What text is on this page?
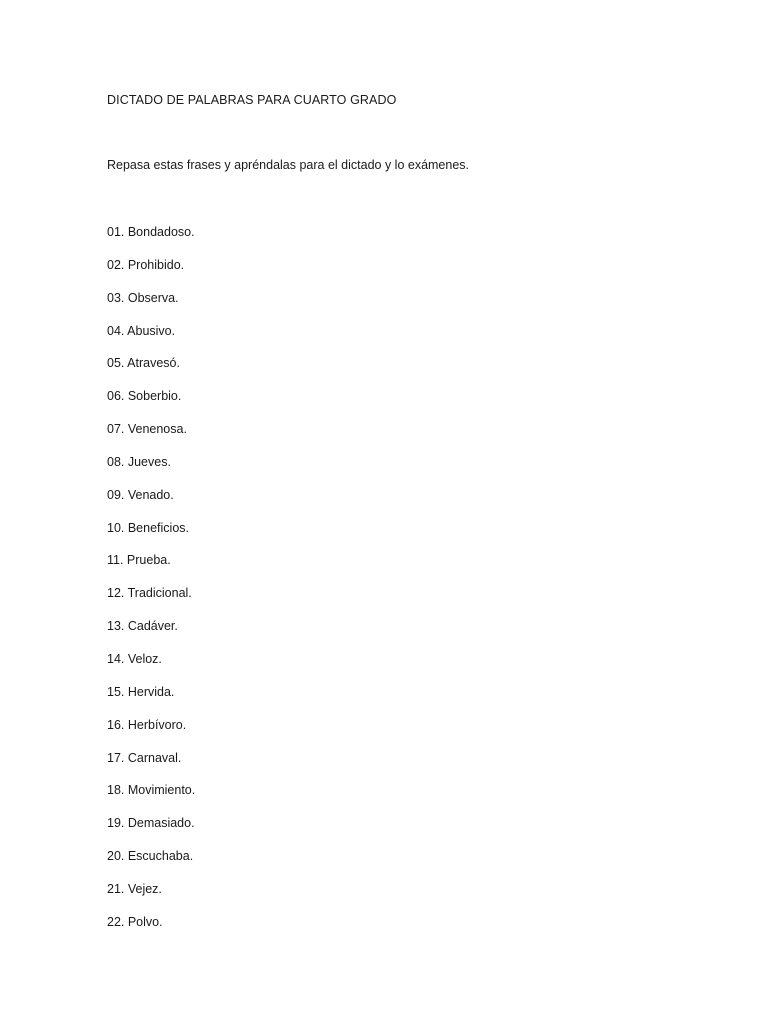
DICTADO DE PALABRAS PARA CUARTO GRADO
Repasa estas frases y apréndalas para el dictado y lo exámenes.
01. Bondadoso.
02. Prohibido.
03. Observa.
04. Abusivo.
05. Atravesó.
06. Soberbio.
07. Venenosa.
08. Jueves.
09. Venado.
10. Beneficios.
11. Prueba.
12. Tradicional.
13. Cadáver.
14. Veloz.
15. Hervida.
16. Herbívoro.
17. Carnaval.
18. Movimiento.
19. Demasiado.
20. Escuchaba.
21. Vejez.
22. Polvo.
